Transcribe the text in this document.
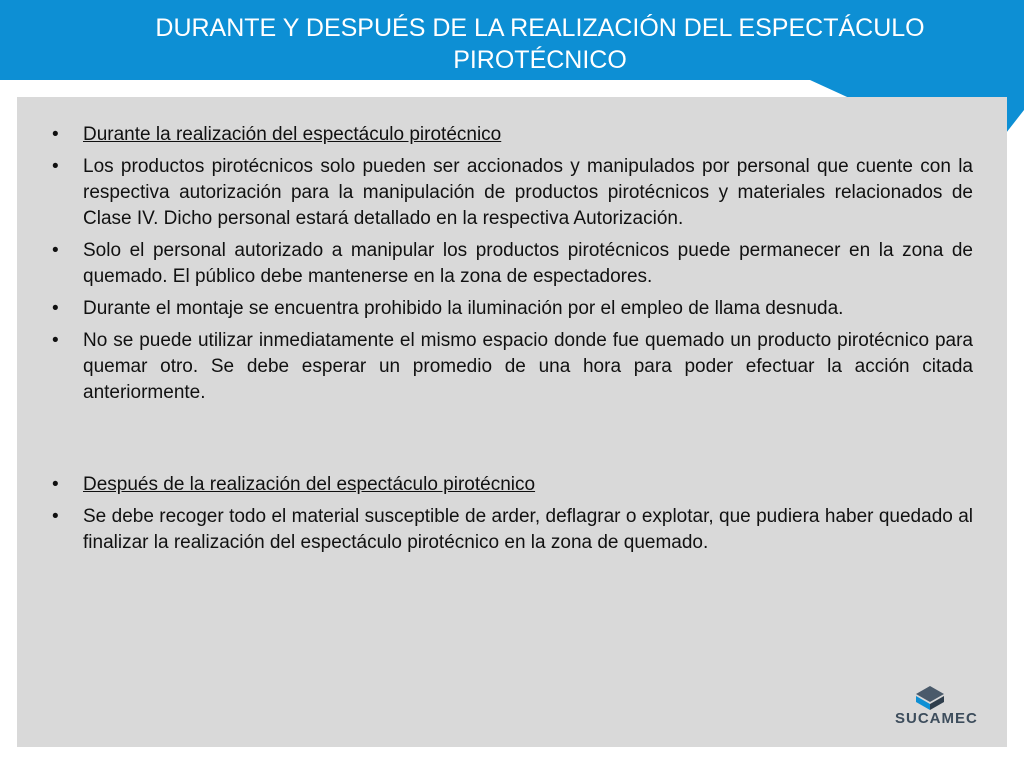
DURANTE Y DESPUÉS DE LA REALIZACIÓN DEL ESPECTÁCULO PIROTÉCNICO
• Durante la realización del espectáculo pirotécnico
• Los productos pirotécnicos solo pueden ser accionados y manipulados por personal que cuente con la respectiva autorización para la manipulación de productos pirotécnicos y materiales relacionados de Clase IV. Dicho personal estará detallado en la respectiva Autorización.
• Solo el personal autorizado a manipular los productos pirotécnicos puede permanecer en la zona de quemado. El público debe mantenerse en la zona de espectadores.
• Durante el montaje se encuentra prohibido la iluminación por el empleo de llama desnuda.
• No se puede utilizar inmediatamente el mismo espacio donde fue quemado un producto pirotécnico para quemar otro. Se debe esperar un promedio de una hora para poder efectuar la acción citada anteriormente.
• Después de la realización del espectáculo pirotécnico
• Se debe recoger todo el material susceptible de arder, deflagrar o explotar, que pudiera haber quedado al finalizar la realización del espectáculo pirotécnico en la zona de quemado.
SUCAMEC
